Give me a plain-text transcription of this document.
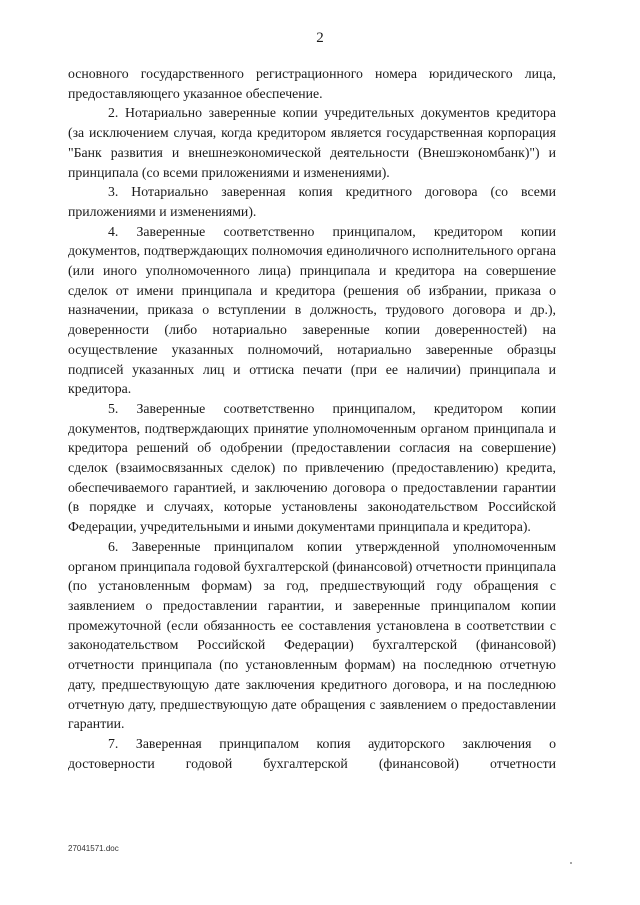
2

основного государственного регистрационного номера юридического лица, предоставляющего указанное обеспечение.

2. Нотариально заверенные копии учредительных документов кредитора (за исключением случая, когда кредитором является государственная корпорация "Банк развития и внешнеэкономической деятельности (Внешэкономбанк)") и принципала (со всеми приложениями и изменениями).

3. Нотариально заверенная копия кредитного договора (со всеми приложениями и изменениями).

4. Заверенные соответственно принципалом, кредитором копии документов, подтверждающих полномочия единоличного исполнительного органа (или иного уполномоченного лица) принципала и кредитора на совершение сделок от имени принципала и кредитора (решения об избрании, приказа о назначении, приказа о вступлении в должность, трудового договора и др.), доверенности (либо нотариально заверенные копии доверенностей) на осуществление указанных полномочий, нотариально заверенные образцы подписей указанных лиц и оттиска печати (при ее наличии) принципала и кредитора.

5. Заверенные соответственно принципалом, кредитором копии документов, подтверждающих принятие уполномоченным органом принципала и кредитора решений об одобрении (предоставлении согласия на совершение) сделок (взаимосвязанных сделок) по привлечению (предоставлению) кредита, обеспечиваемого гарантией, и заключению договора о предоставлении гарантии (в порядке и случаях, которые установлены законодательством Российской Федерации, учредительными и иными документами принципала и кредитора).

6. Заверенные принципалом копии утвержденной уполномоченным органом принципала годовой бухгалтерской (финансовой) отчетности принципала (по установленным формам) за год, предшествующий году обращения с заявлением о предоставлении гарантии, и заверенные принципалом копии промежуточной (если обязанность ее составления установлена в соответствии с законодательством Российской Федерации) бухгалтерской (финансовой) отчетности принципала (по установленным формам) на последнюю отчетную дату, предшествующую дате заключения кредитного договора, и на последнюю отчетную дату, предшествующую дате обращения с заявлением о предоставлении гарантии.

7. Заверенная принципалом копия аудиторского заключения о достоверности годовой бухгалтерской (финансовой) отчетности

27041571.doc
